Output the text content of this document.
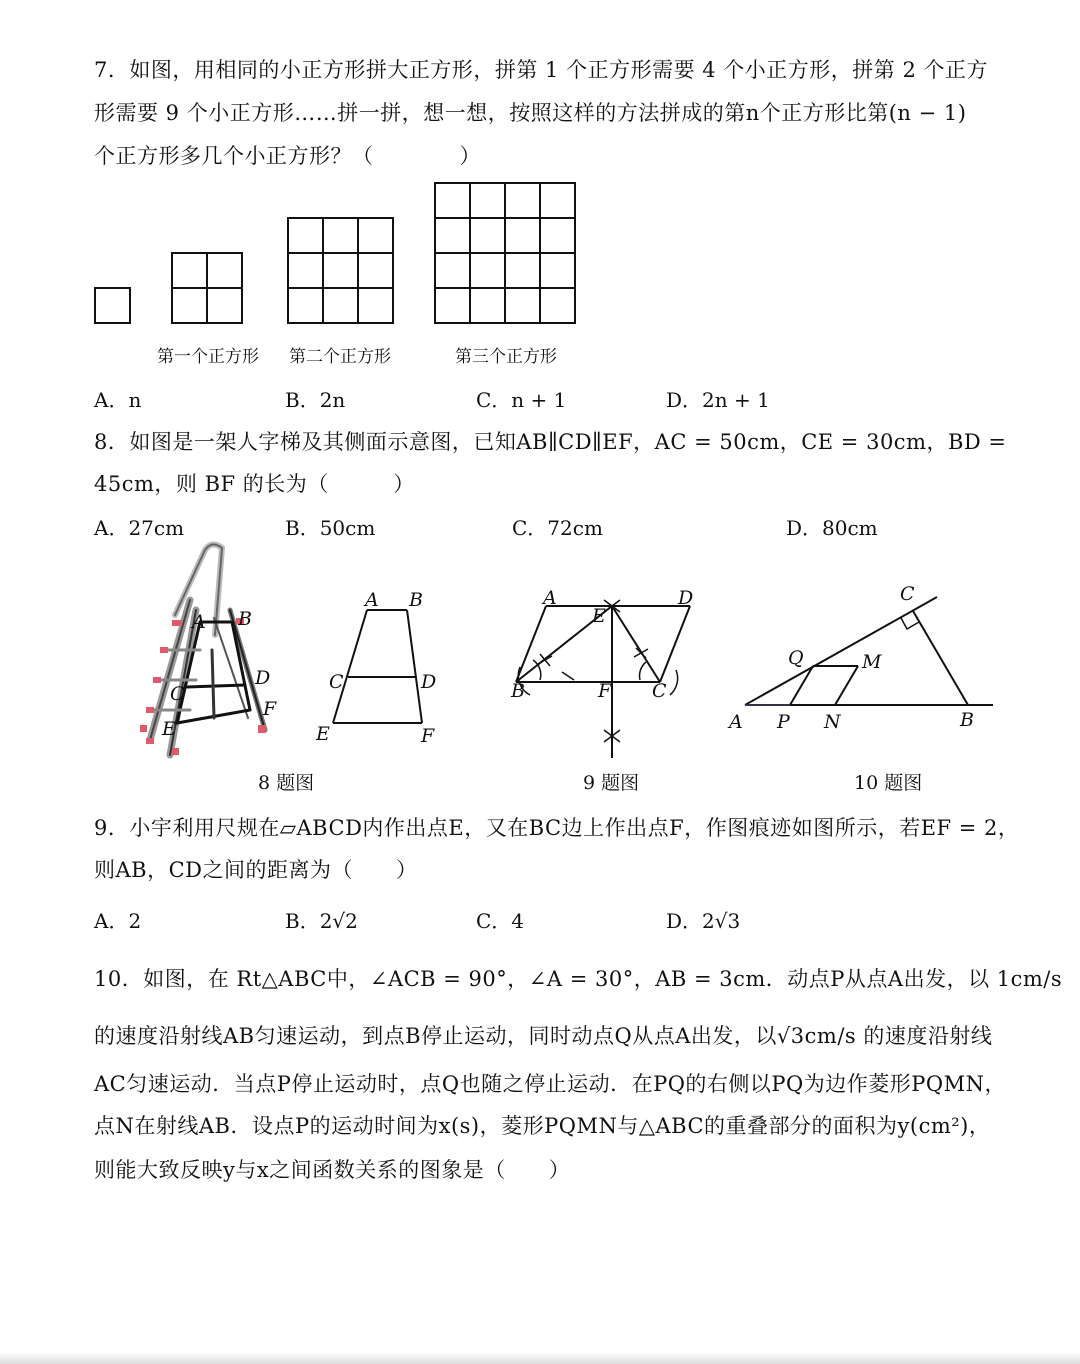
7．如图，用相同的小正方形拼大正方形，拼第 1 个正方形需要 4 个小正方形，拼第 2 个正方
形需要 9 个小正方形……拼一拼，想一想，按照这样的方法拼成的第n个正方形比第(n − 1)
个正方形多几个小正方形？（　　　　）
第一个正方形 第二个正方形	第三个正方形
A．n	B．2n	C．n + 1	D．2n + 1
8．如图是一架人字梯及其侧面示意图，已知AB∥CD∥EF，AC = 50cm，CE = 30cm，BD =
45cm，则 BF 的长为（　　　）
A．27cm	B．50cm	C．72cm	D．80cm
A B
C
D
E
F
A B
C	D
E	F
A
E
D
B	F C
C
Q	M
A P N	B
8 题图	9 题图	10 题图
9．小宇利用尺规在▱ABCD内作出点E，又在BC边上作出点F，作图痕迹如图所示，若EF = 2，
则AB，CD之间的距离为（　　）
A．2	B．2√2	C．4	D．2√3
10．如图，在 Rt△ABC中，∠ACB = 90°，∠A = 30°，AB = 3cm．动点P从点A出发，以 1cm/s
的速度沿射线AB匀速运动，到点B停止运动，同时动点Q从点A出发，以√3cm/s 的速度沿射线
AC匀速运动．当点P停止运动时，点Q也随之停止运动．在PQ的右侧以PQ为边作菱形PQMN，
点N在射线AB．设点P的运动时间为x(s)，菱形PQMN与△ABC的重叠部分的面积为y(cm²)，
则能大致反映y与x之间函数关系的图象是（　　）
